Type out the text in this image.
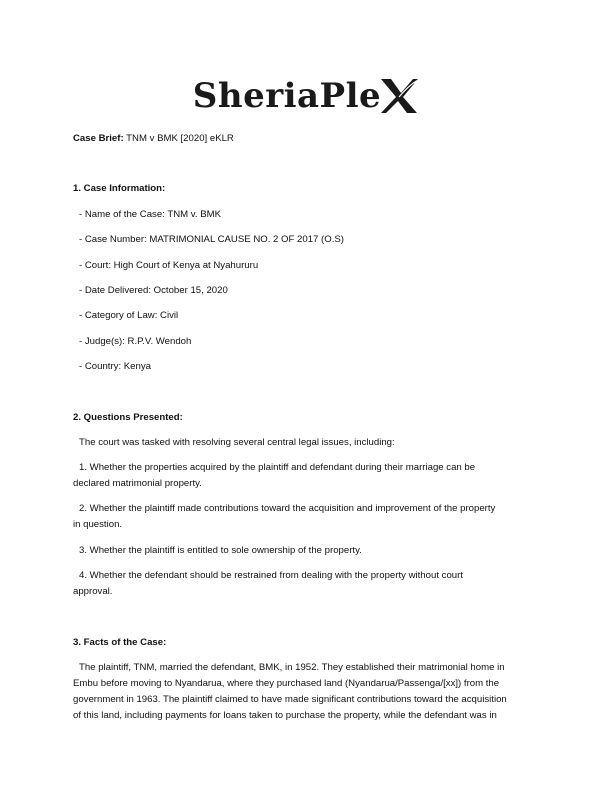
SheriaPle
Case Brief: TNM v BMK [2020] eKLR
1. Case Information:
- Name of the Case: TNM v. BMK
- Case Number: MATRIMONIAL CAUSE NO. 2 OF 2017 (O.S)
- Court: High Court of Kenya at Nyahururu
- Date Delivered: October 15, 2020
- Category of Law: Civil
- Judge(s): R.P.V. Wendoh
- Country: Kenya
2. Questions Presented:
The court was tasked with resolving several central legal issues, including:
1. Whether the properties acquired by the plaintiff and defendant during their marriage can be
declared matrimonial property.
2. Whether the plaintiff made contributions toward the acquisition and improvement of the property
in question.
3. Whether the plaintiff is entitled to sole ownership of the property.
4. Whether the defendant should be restrained from dealing with the property without court
approval.
3. Facts of the Case:
The plaintiff, TNM, married the defendant, BMK, in 1952. They established their matrimonial home in
Embu before moving to Nyandarua, where they purchased land (Nyandarua/Passenga/[xx]) from the
government in 1963. The plaintiff claimed to have made significant contributions toward the acquisition
of this land, including payments for loans taken to purchase the property, while the defendant was in
